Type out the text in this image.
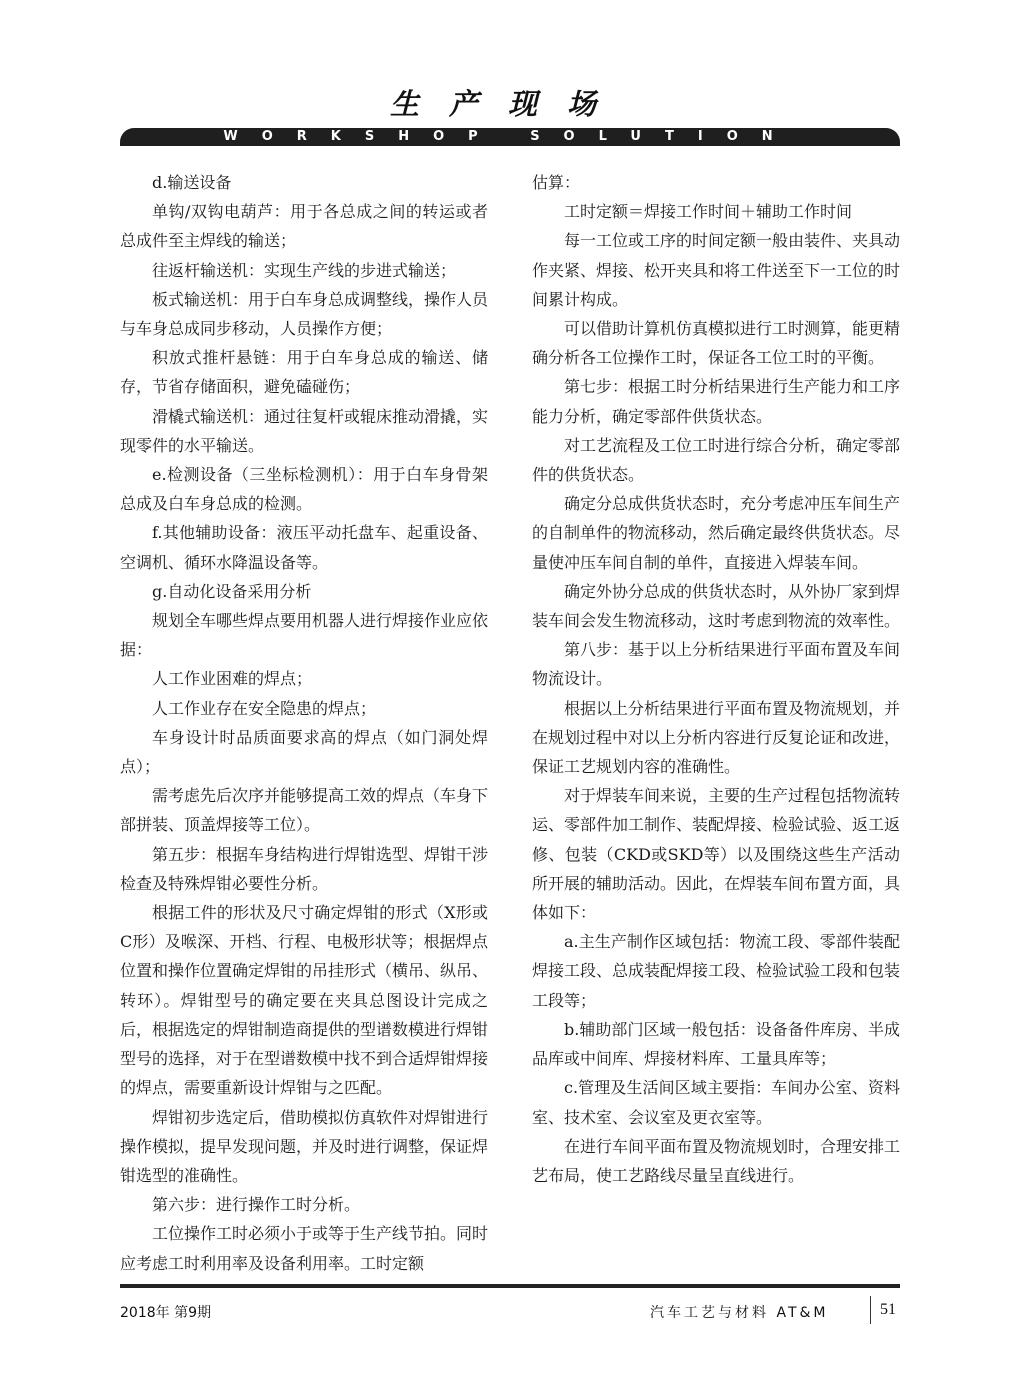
生产现场
WORKSHOP SOLUTION

d.输送设备

单钩/双钩电葫芦：用于各总成之间的转运或者总成件至主焊线的输送；

往返杆输送机：实现生产线的步进式输送；

板式输送机：用于白车身总成调整线，操作人员与车身总成同步移动，人员操作方便；

积放式推杆悬链：用于白车身总成的输送、储存，节省存储面积，避免磕碰伤；

滑橇式输送机：通过往复杆或辊床推动滑撬，实现零件的水平输送。

e.检测设备（三坐标检测机）：用于白车身骨架总成及白车身总成的检测。

f.其他辅助设备：液压平动托盘车、起重设备、空调机、循环水降温设备等。

g.自动化设备采用分析

规划全车哪些焊点要用机器人进行焊接作业应依据：

人工作业困难的焊点；

人工作业存在安全隐患的焊点；

车身设计时品质面要求高的焊点（如门洞处焊点）；

需考虑先后次序并能够提高工效的焊点（车身下部拼装、顶盖焊接等工位）。

第五步：根据车身结构进行焊钳选型、焊钳干涉检查及特殊焊钳必要性分析。

根据工件的形状及尺寸确定焊钳的形式（X形或C形）及喉深、开档、行程、电极形状等；根据焊点位置和操作位置确定焊钳的吊挂形式（横吊、纵吊、转环）。焊钳型号的确定要在夹具总图设计完成之后，根据选定的焊钳制造商提供的型谱数模进行焊钳型号的选择，对于在型谱数模中找不到合适焊钳焊接的焊点，需要重新设计焊钳与之匹配。

焊钳初步选定后，借助模拟仿真软件对焊钳进行操作模拟，提早发现问题，并及时进行调整，保证焊钳选型的准确性。

第六步：进行操作工时分析。

工位操作工时必须小于或等于生产线节拍。同时应考虑工时利用率及设备利用率。工时定额

估算：

工时定额＝焊接工作时间＋辅助工作时间

每一工位或工序的时间定额一般由装件、夹具动作夹紧、焊接、松开夹具和将工件送至下一工位的时间累计构成。

可以借助计算机仿真模拟进行工时测算，能更精确分析各工位操作工时，保证各工位工时的平衡。

第七步：根据工时分析结果进行生产能力和工序能力分析，确定零部件供货状态。

对工艺流程及工位工时进行综合分析，确定零部件的供货状态。

确定分总成供货状态时，充分考虑冲压车间生产的自制单件的物流移动，然后确定最终供货状态。尽量使冲压车间自制的单件，直接进入焊装车间。

确定外协分总成的供货状态时，从外协厂家到焊装车间会发生物流移动，这时考虑到物流的效率性。

第八步：基于以上分析结果进行平面布置及车间物流设计。

根据以上分析结果进行平面布置及物流规划，并在规划过程中对以上分析内容进行反复论证和改进，保证工艺规划内容的准确性。

对于焊装车间来说，主要的生产过程包括物流转运、零部件加工制作、装配焊接、检验试验、返工返修、包装（CKD或SKD等）以及围绕这些生产活动所开展的辅助活动。因此，在焊装车间布置方面，具体如下：

a.主生产制作区域包括：物流工段、零部件装配焊接工段、总成装配焊接工段、检验试验工段和包装工段等；

b.辅助部门区域一般包括：设备备件库房、半成品库或中间库、焊接材料库、工量具库等；

c.管理及生活间区域主要指：车间办公室、资料室、技术室、会议室及更衣室等。

在进行车间平面布置及物流规划时，合理安排工艺布局，使工艺路线尽量呈直线进行。

2018年 第9期	汽车工艺与材料 AT&M	51
